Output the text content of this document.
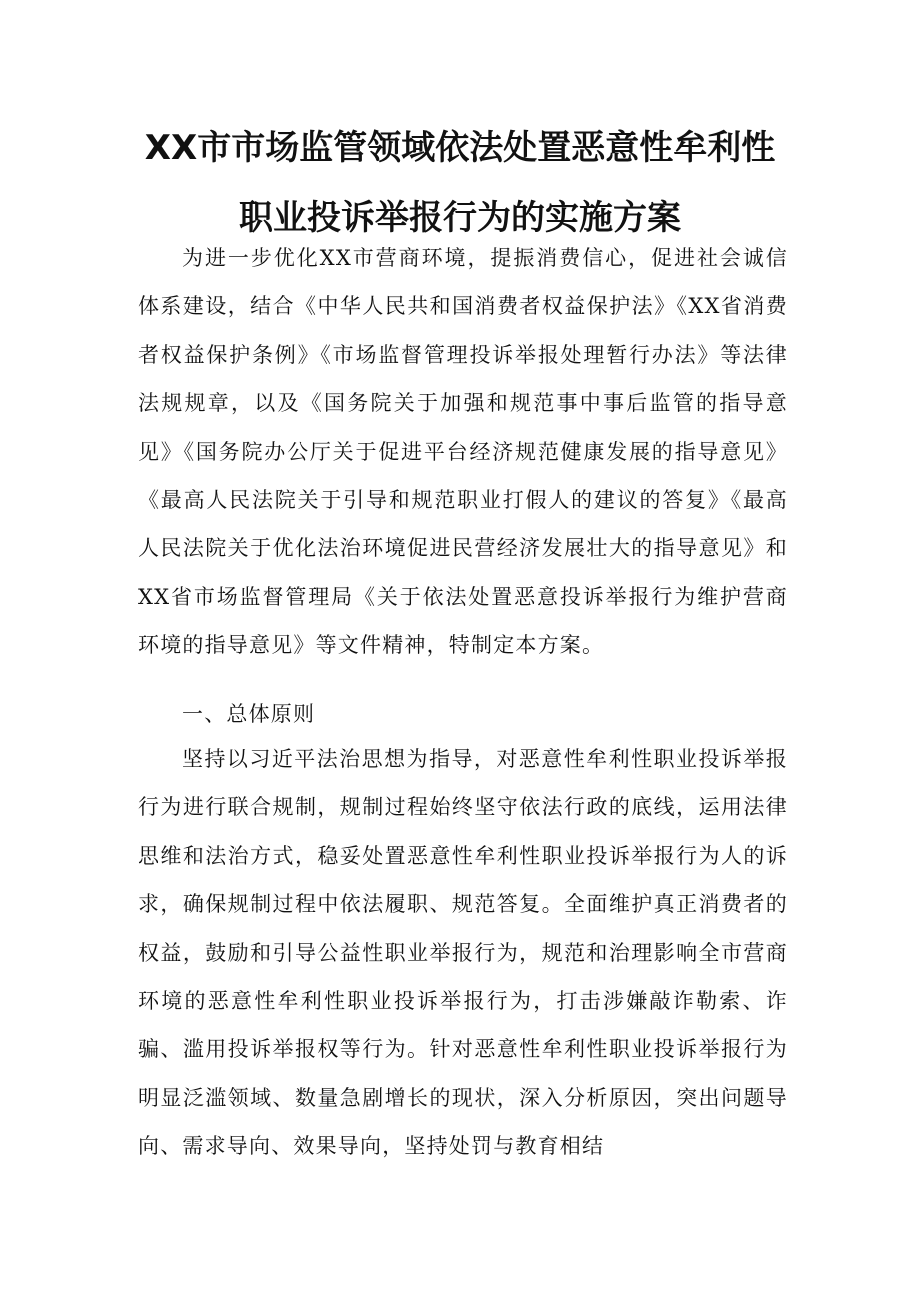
XX市市场监管领域依法处置恶意性牟利性
职业投诉举报行为的实施方案

为进一步优化XX市营商环境，提振消费信心，促进社会诚信体系建设，结合《中华人民共和国消费者权益保护法》《XX省消费者权益保护条例》《市场监督管理投诉举报处理暂行办法》等法律法规规章，以及《国务院关于加强和规范事中事后监管的指导意见》《国务院办公厅关于促进平台经济规范健康发展的指导意见》《最高人民法院关于引导和规范职业打假人的建议的答复》《最高人民法院关于优化法治环境促进民营经济发展壮大的指导意见》和XX省市场监督管理局《关于依法处置恶意投诉举报行为维护营商环境的指导意见》等文件精神，特制定本方案。

一、总体原则

坚持以习近平法治思想为指导，对恶意性牟利性职业投诉举报行为进行联合规制，规制过程始终坚守依法行政的底线，运用法律思维和法治方式，稳妥处置恶意性牟利性职业投诉举报行为人的诉求，确保规制过程中依法履职、规范答复。全面维护真正消费者的权益，鼓励和引导公益性职业举报行为，规范和治理影响全市营商环境的恶意性牟利性职业投诉举报行为，打击涉嫌敲诈勒索、诈骗、滥用投诉举报权等行为。针对恶意性牟利性职业投诉举报行为明显泛滥领域、数量急剧增长的现状，深入分析原因，突出问题导向、需求导向、效果导向，坚持处罚与教育相结
